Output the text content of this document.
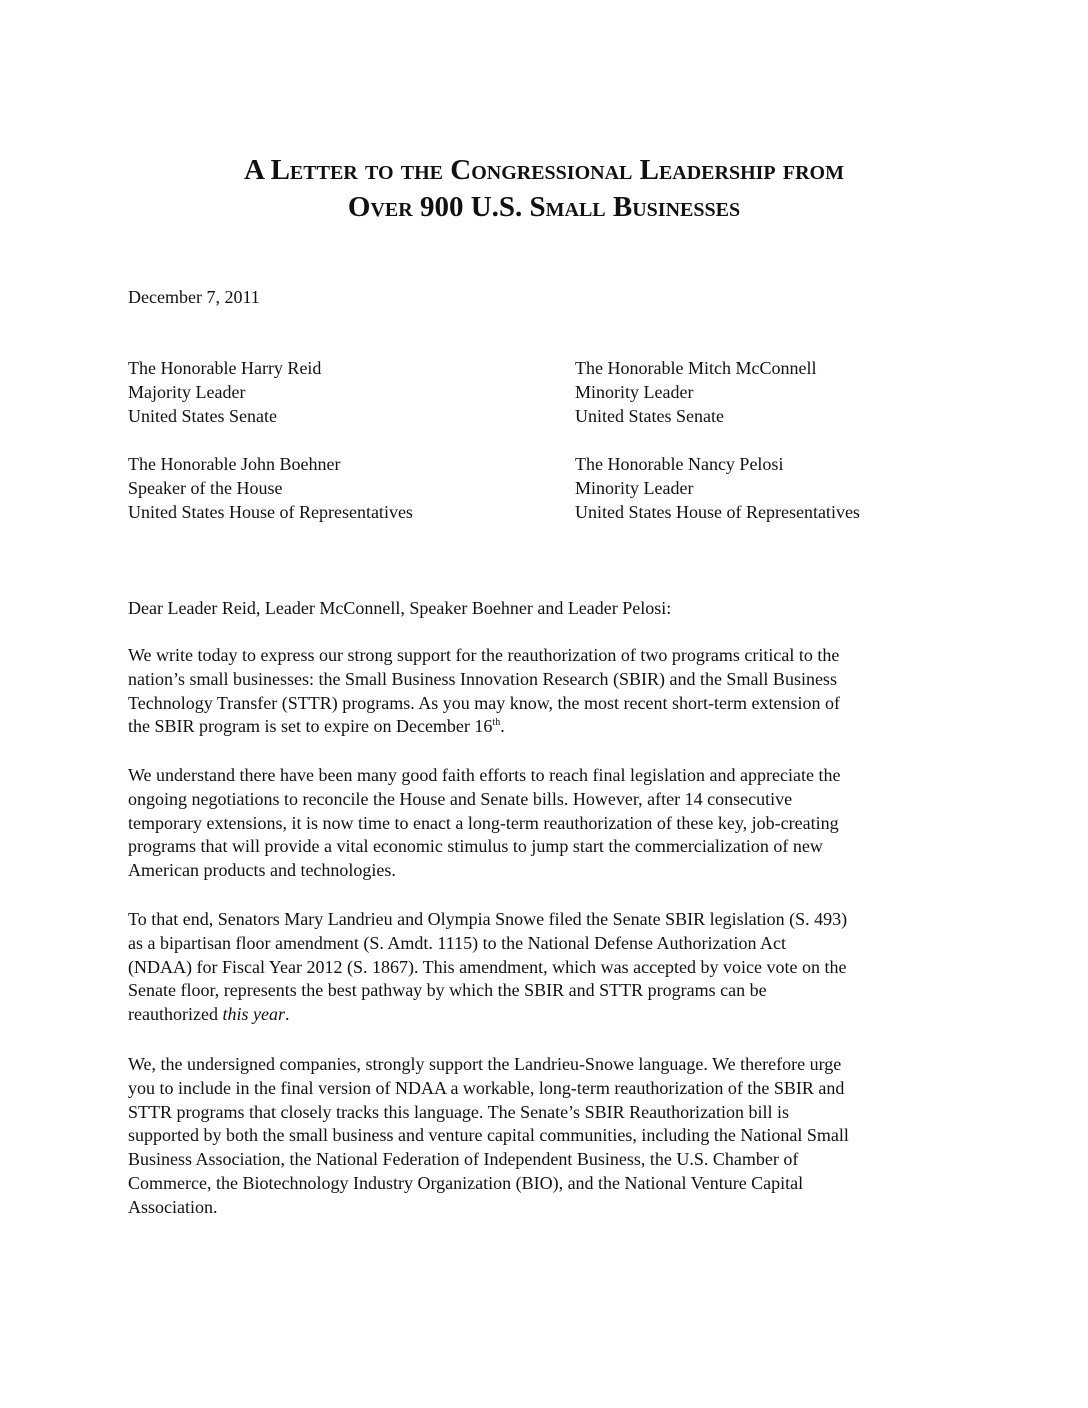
A Letter to the Congressional Leadership from
Over 900 U.S. Small Businesses

December 7, 2011

The Honorable Harry Reid
Majority Leader
United States Senate
The Honorable Mitch McConnell
Minority Leader
United States Senate
The Honorable John Boehner
Speaker of the House
United States House of Representatives
The Honorable Nancy Pelosi
Minority Leader
United States House of Representatives

Dear Leader Reid, Leader McConnell, Speaker Boehner and Leader Pelosi:

We write today to express our strong support for the reauthorization of two programs critical to the
nation’s small businesses: the Small Business Innovation Research (SBIR) and the Small Business
Technology Transfer (STTR) programs. As you may know, the most recent short-term extension of
the SBIR program is set to expire on December 16th.

We understand there have been many good faith efforts to reach final legislation and appreciate the
ongoing negotiations to reconcile the House and Senate bills. However, after 14 consecutive
temporary extensions, it is now time to enact a long-term reauthorization of these key, job-creating
programs that will provide a vital economic stimulus to jump start the commercialization of new
American products and technologies.

To that end, Senators Mary Landrieu and Olympia Snowe filed the Senate SBIR legislation (S. 493)
as a bipartisan floor amendment (S. Amdt. 1115) to the National Defense Authorization Act
(NDAA) for Fiscal Year 2012 (S. 1867). This amendment, which was accepted by voice vote on the
Senate floor, represents the best pathway by which the SBIR and STTR programs can be
reauthorized this year.

We, the undersigned companies, strongly support the Landrieu-Snowe language. We therefore urge
you to include in the final version of NDAA a workable, long-term reauthorization of the SBIR and
STTR programs that closely tracks this language. The Senate’s SBIR Reauthorization bill is
supported by both the small business and venture capital communities, including the National Small
Business Association, the National Federation of Independent Business, the U.S. Chamber of
Commerce, the Biotechnology Industry Organization (BIO), and the National Venture Capital
Association.
